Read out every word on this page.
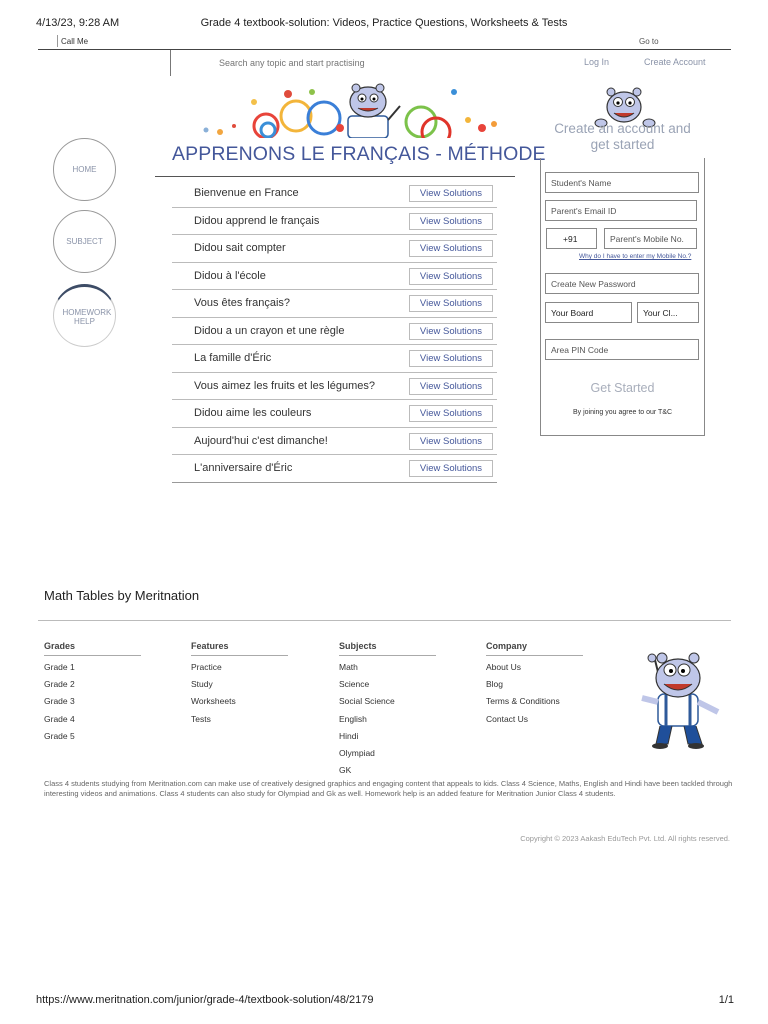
4/13/23, 9:28 AM	Grade 4 textbook-solution: Videos, Practice Questions, Worksheets & Tests
Call Me	Go to
Search any topic and start practising
Log In	Create Account
HOME
SUBJECT
HOMEWORK HELP
APPRENONS LE FRANÇAIS - MÉTHODE
Bienvenue en France	View Solutions
Didou apprend le français	View Solutions
Didou sait compter	View Solutions
Didou à l'école	View Solutions
Vous êtes français?	View Solutions
Didou a un crayon et une règle	View Solutions
La famille d'Éric	View Solutions
Vous aimez les fruits et les légumes?	View Solutions
Didou aime les couleurs	View Solutions
Aujourd'hui c'est dimanche!	View Solutions
L'anniversaire d'Éric	View Solutions
Create an account and get started
Student's Name
Parent's Email ID
+91	Parent's Mobile No.
Why do I have to enter my Mobile No.?
Create New Password
Your Board	Your Cl...
Area PIN Code
Get Started
By joining you agree to our T&C
Math Tables by Meritnation
Grades
Grade 1
Grade 2
Grade 3
Grade 4
Grade 5
Features
Practice
Study
Worksheets
Tests
Subjects
Math
Science
Social Science
English
Hindi
Olympiad
GK
Company
About Us
Blog
Terms & Conditions
Contact Us
Class 4 students studying from Meritnation.com can make use of creatively designed graphics and engaging content that appeals to kids. Class 4 Science, Maths, English and Hindi have been tackled through interesting videos and animations. Class 4 students can also study for Olympiad and Gk as well. Homework help is an added feature for Meritnation Junior Class 4 students.
Copyright © 2023 Aakash EduTech Pvt. Ltd. All rights reserved.
https://www.meritnation.com/junior/grade-4/textbook-solution/48/2179	1/1
